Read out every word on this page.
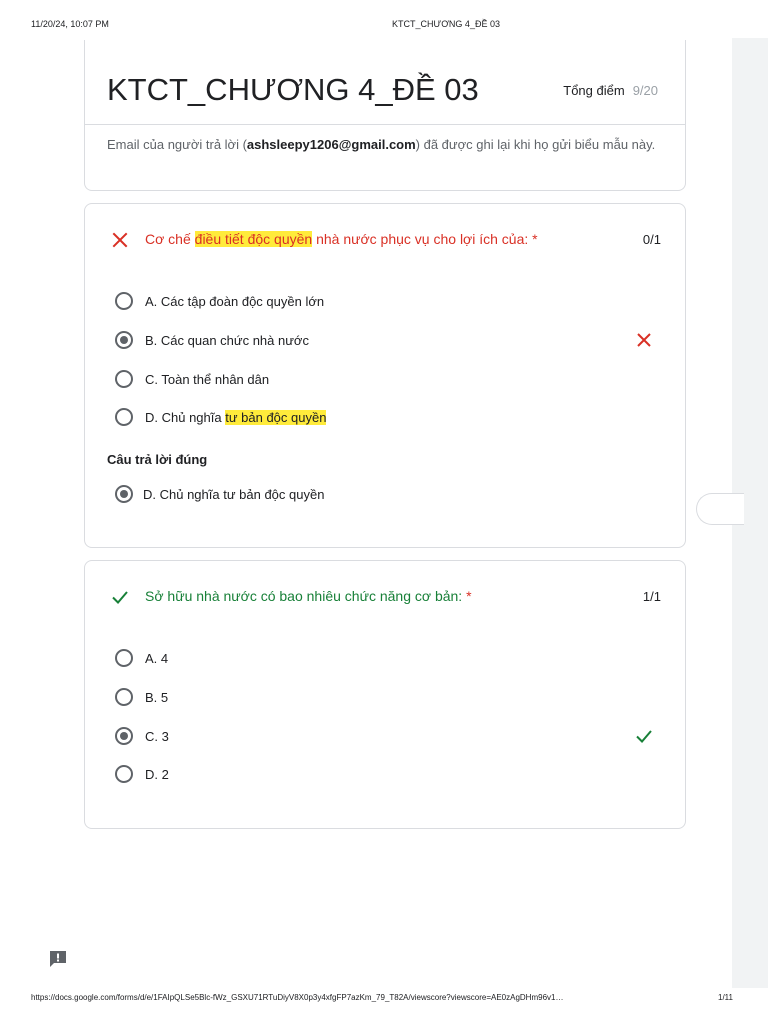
11/20/24, 10:07 PM	KTCT_CHƯƠNG 4_ĐỀ 03
KTCT_CHƯƠNG 4_ĐỀ 03	Tổng điểm 9/20
Email của người trả lời (ashsleepy1206@gmail.com) đã được ghi lại khi họ gửi biểu mẫu này.
Cơ chế điều tiết độc quyền nhà nước phục vụ cho lợi ích của: *	0/1
A. Các tập đoàn độc quyền lớn
B. Các quan chức nhà nước
C. Toàn thể nhân dân
D. Chủ nghĩa tư bản độc quyền
Câu trả lời đúng
D. Chủ nghĩa tư bản độc quyền
Sở hữu nhà nước có bao nhiêu chức năng cơ bản: *	1/1
A. 4
B. 5
C. 3
D. 2
https://docs.google.com/forms/d/e/1FAIpQLSe5Blc-fWz_GSXU71RTuDiyV8X0p3y4xfgFP7azKm_79_T82A/viewscore?viewscore=AE0zAgDHm96v1…	1/11
